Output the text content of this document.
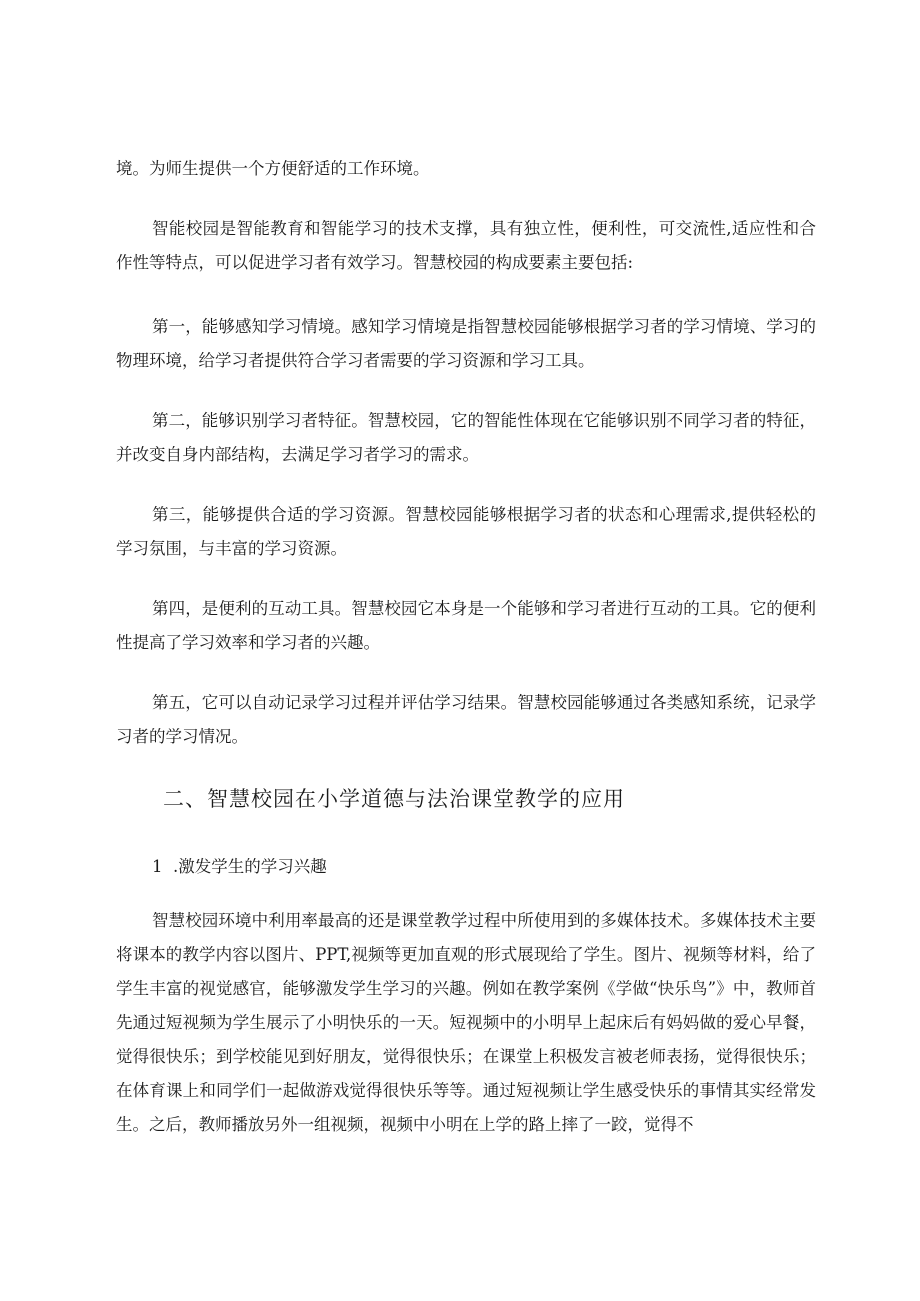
境。为师生提供一个方便舒适的工作环境。

智能校园是智能教育和智能学习的技术支撑，具有独立性，便利性，可交流性,适应性和合作性等特点，可以促进学习者有效学习。智慧校园的构成要素主要包括:

第一，能够感知学习情境。感知学习情境是指智慧校园能够根据学习者的学习情境、学习的物理环境，给学习者提供符合学习者需要的学习资源和学习工具。

第二，能够识别学习者特征。智慧校园，它的智能性体现在它能够识别不同学习者的特征，并改变自身内部结构，去满足学习者学习的需求。

第三，能够提供合适的学习资源。智慧校园能够根据学习者的状态和心理需求,提供轻松的学习氛围，与丰富的学习资源。

第四，是便利的互动工具。智慧校园它本身是一个能够和学习者进行互动的工具。它的便利性提高了学习效率和学习者的兴趣。

第五，它可以自动记录学习过程并评估学习结果。智慧校园能够通过各类感知系统，记录学习者的学习情况。

二、智慧校园在小学道德与法治课堂教学的应用
1  .激发学生的学习兴趣

智慧校园环境中利用率最高的还是课堂教学过程中所使用到的多媒体技术。多媒体技术主要将课本的教学内容以图片、PPT,视频等更加直观的形式展现给了学生。图片、视频等材料，给了学生丰富的视觉感官，能够激发学生学习的兴趣。例如在教学案例《学做“快乐鸟”》中，教师首先通过短视频为学生展示了小明快乐的一天。短视频中的小明早上起床后有妈妈做的爱心早餐，觉得很快乐；到学校能见到好朋友，觉得很快乐；在课堂上积极发言被老师表扬，觉得很快乐；在体育课上和同学们一起做游戏觉得很快乐等等。通过短视频让学生感受快乐的事情其实经常发生。之后，教师播放另外一组视频，视频中小明在上学的路上摔了一跤，觉得不
